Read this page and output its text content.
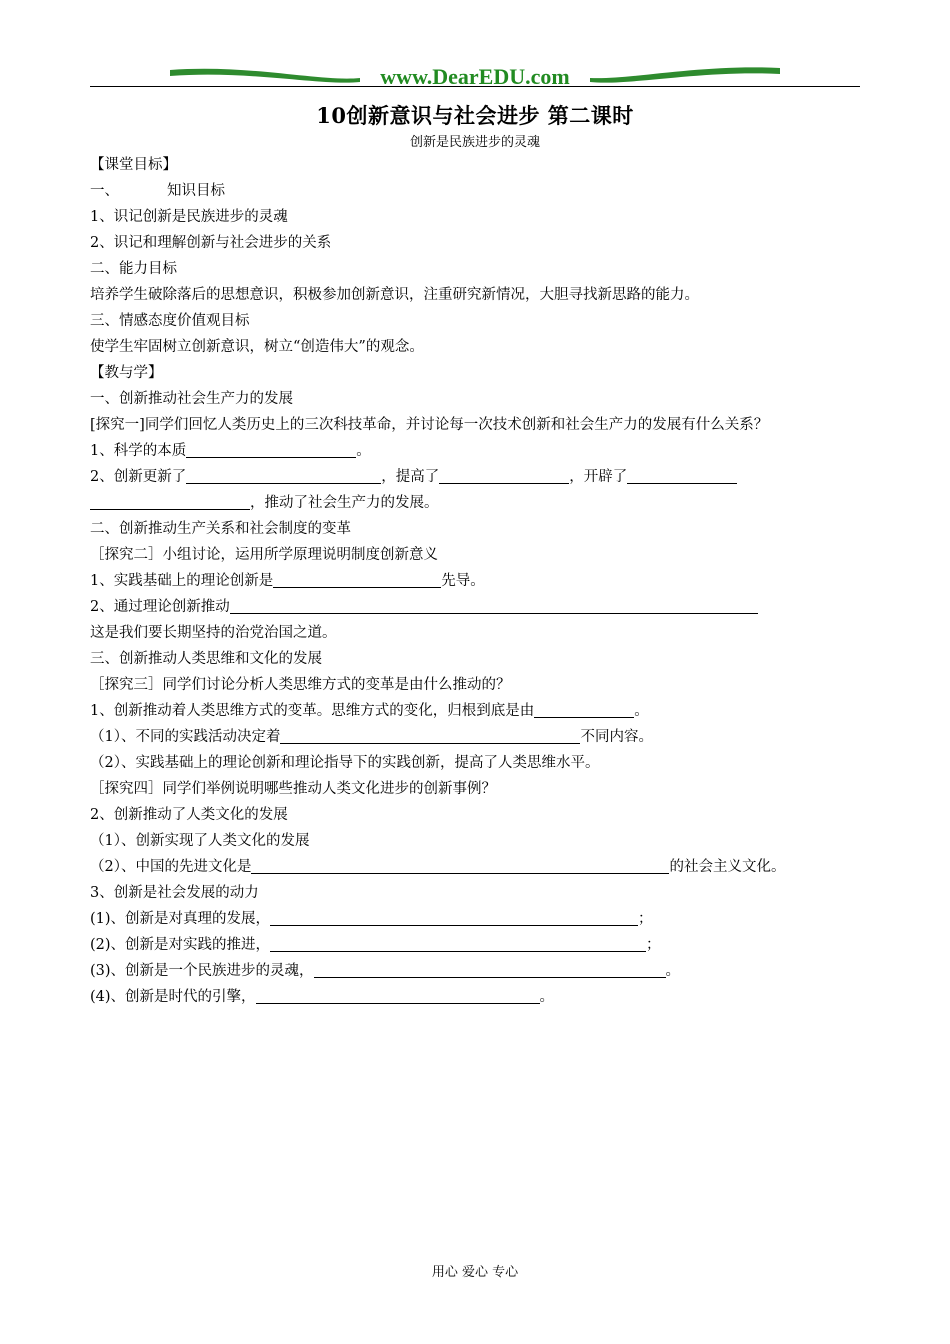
www.DearEDU.com
10创新意识与社会进步 第二课时
创新是民族进步的灵魂
【课堂目标】
一、	知识目标
1、识记创新是民族进步的灵魂
2、识记和理解创新与社会进步的关系
二、能力目标
培养学生破除落后的思想意识，积极参加创新意识，注重研究新情况，大胆寻找新思路的能力。
三、情感态度价值观目标
使学生牢固树立创新意识，树立“创造伟大”的观念。
【教与学】
一、创新推动社会生产力的发展
[探究一]同学们回忆人类历史上的三次科技革命，并讨论每一次技术创新和社会生产力的发展有什么关系？
1、科学的本质	。
2、创新更新了	，提高了	，开辟了
，推动了社会生产力的发展。
二、创新推动生产关系和社会制度的变革
［探究二］小组讨论，运用所学原理说明制度创新意义
1、实践基础上的理论创新是	先导。
2、通过理论创新推动
这是我们要长期坚持的治党治国之道。
三、创新推动人类思维和文化的发展
［探究三］同学们讨论分析人类思维方式的变革是由什么推动的？
1、创新推动着人类思维方式的变革。思维方式的变化，归根到底是由	。
（1）、不同的实践活动决定着	不同内容。
（2）、实践基础上的理论创新和理论指导下的实践创新，提高了人类思维水平。
［探究四］同学们举例说明哪些推动人类文化进步的创新事例？
2、创新推动了人类文化的发展
（1）、创新实现了人类文化的发展
（2）、中国的先进文化是	的社会主义文化。
3、创新是社会发展的动力
(1)、创新是对真理的发展，	；
(2)、创新是对实践的推进，	；
(3)、创新是一个民族进步的灵魂，	。
(4)、创新是时代的引擎，	。
用心 爱心 专心
